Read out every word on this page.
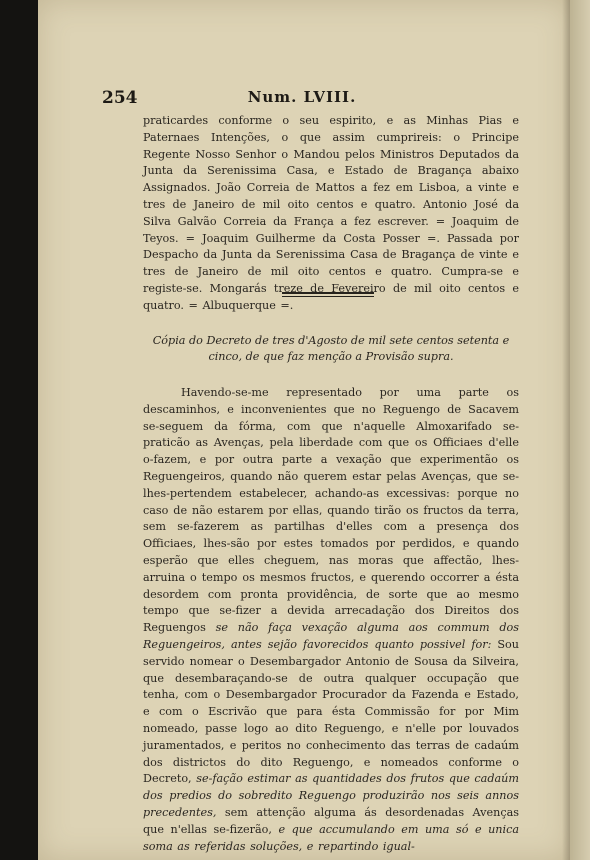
254	Num. LVIII.
praticardes conforme o seu espirito, e as Minhas Pias e Paternaes Intenções, o que assim cumprireis: o Principe Regente Nosso Senhor o Mandou pelos Ministros Deputados da Junta da Serenissima Casa, e Estado de Bragança abaixo Assignados. João Correia de Mattos a fez em Lisboa, a vinte e tres de Janeiro de mil oito centos e quatro. Antonio José da Silva Galvão Correia da França a fez escrever. = Joaquim de Teyos. = Joaquim Guilherme da Costa Posser =. Passada por Despacho da Junta da Serenissima Casa de Bragança de vinte e tres de Janeiro de mil oito centos e quatro. Cumpra-se e registe-se. Mongarás treze de Fevereiro de mil oito centos e quatro. = Albuquerque =.
Cópia do Decreto de tres d'Agosto de mil sete centos setenta e cinco, de que faz menção a Provisão supra.
Havendo-se-me representado por uma parte os descaminhos, e inconvenientes que no Reguengo de Sacavem se-seguem da fórma, com que n'aquelle Almoxarifado se-praticão as Avenças, pela liberdade com que os Officiaes d'elle o-fazem, e por outra parte a vexação que experimentão os Reguengeiros, quando não querem estar pelas Avenças, que se-lhes-pertendem estabelecer, achando-as excessivas: porque no caso de não estarem por ellas, quando tirão os fructos da terra, sem se-fazerem as partilhas d'elles com a presença dos Officiaes, lhes-são por estes tomados por perdidos, e quando esperão que elles cheguem, nas moras que affectão, lhes-arruina o tempo os mesmos fructos, e querendo occorrer a ésta desordem com pronta providência, de sorte que ao mesmo tempo que se-fizer a devida arrecadação dos Direitos dos Reguengos se não faça vexação alguma aos commum dos Reguengeiros, antes sejão favorecidos quanto possivel for: Sou servido nomear o Desembargador Antonio de Sousa da Silveira, que desembaraçando-se de outra qualquer occupação que tenha, com o Desembargador Procurador da Fazenda e Estado, e com o Escrivão que para ésta Commissão for por Mim nomeado, passe logo ao dito Reguengo, e n'elle por louvados juramentados, e peritos no conhecimento das terras de cadaúm dos districtos do dito Reguengo, e nomeados conforme o Decreto, se-fação estimar as quantidades dos frutos que cadaúm dos predios do sobredito Reguengo produzirão nos seis annos precedentes, sem attenção alguma ás desordenadas Avenças que n'ellas se-fizerão, e que accumulando em uma só e unica soma as referidas soluções, e repartindo igual-
